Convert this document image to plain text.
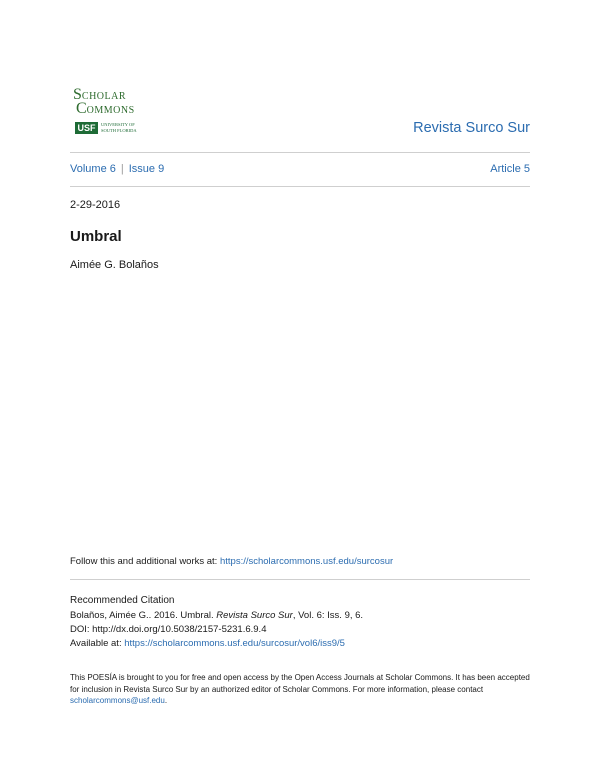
SCHOLAR
COMMONS
USF	UNIVERSITY OF
SOUTH FLORIDA	Revista Surco Sur
Volume 6 | Issue 9	Article 5
2-29-2016
Umbral
Aimée G. Bolaños
Follow this and additional works at: https://scholarcommons.usf.edu/surcosur
Recommended Citation
Bolaños, Aimée G.. 2016. Umbral. Revista Surco Sur, Vol. 6: Iss. 9, 6.
DOI: http://dx.doi.org/10.5038/2157-5231.6.9.4
Available at: https://scholarcommons.usf.edu/surcosur/vol6/iss9/5
This POESÍA is brought to you for free and open access by the Open Access Journals at Scholar Commons. It has been accepted for inclusion in Revista Surco Sur by an authorized editor of Scholar Commons. For more information, please contact scholarcommons@usf.edu.
